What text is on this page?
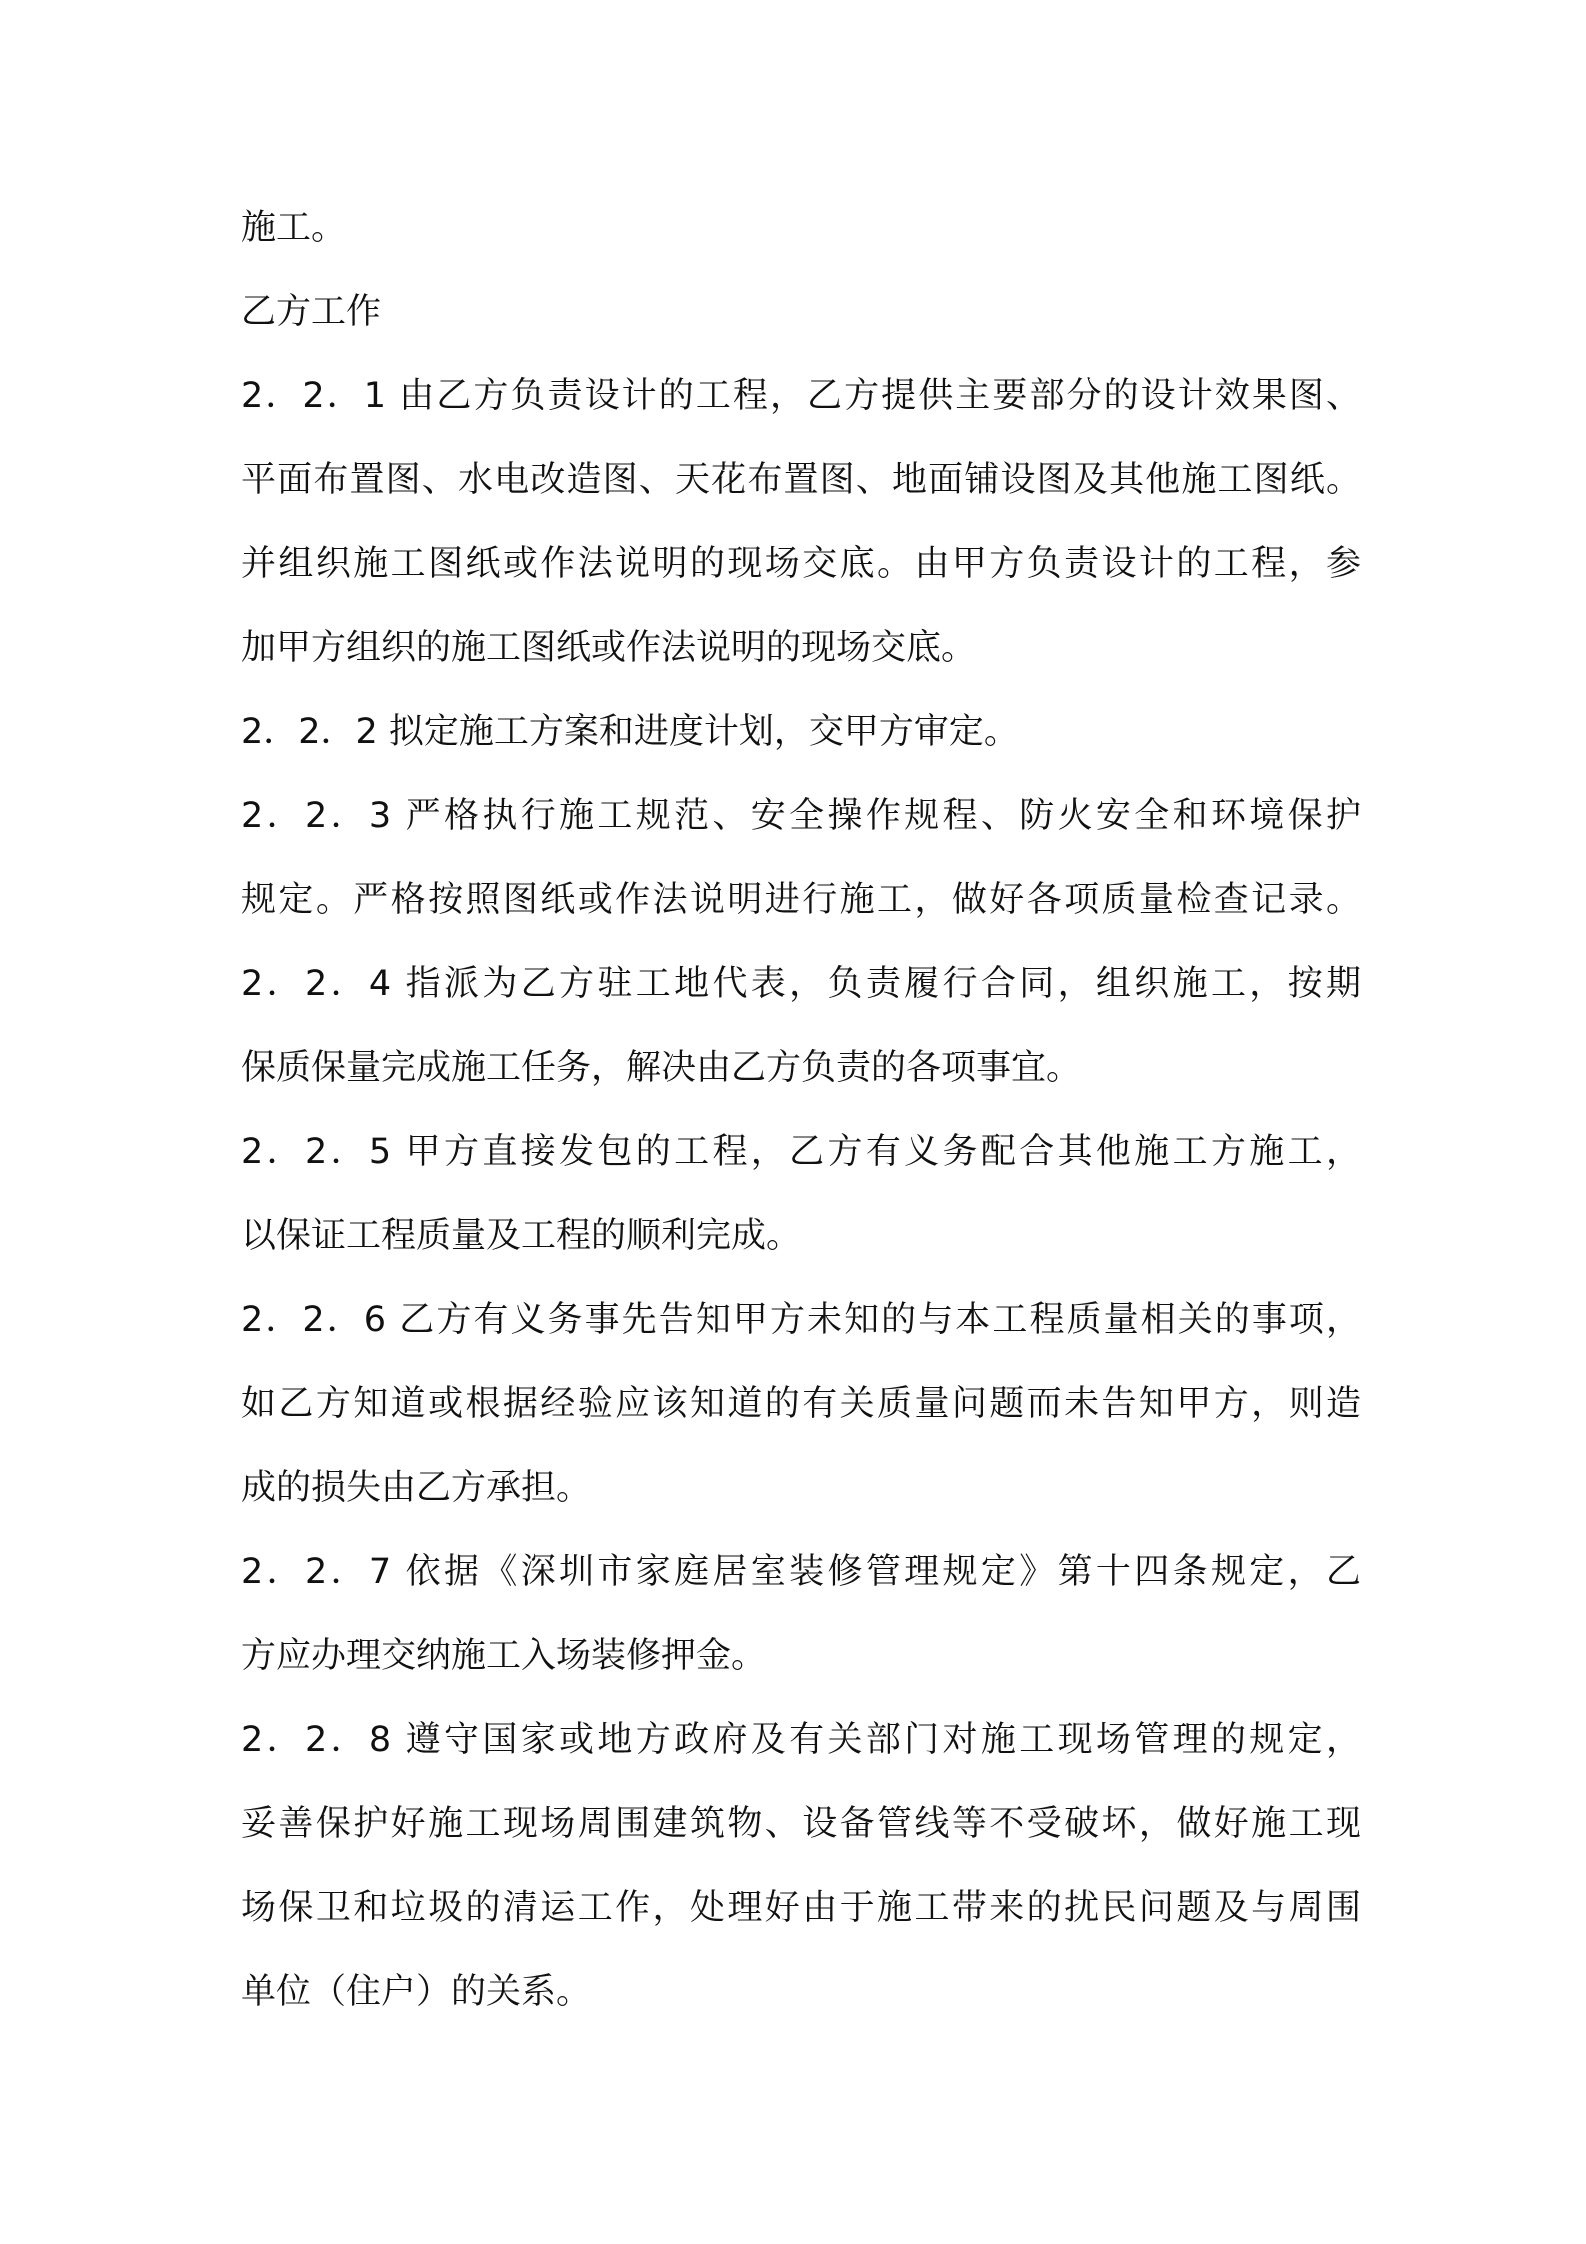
施工。
乙方工作
2．2．1 由乙方负责设计的工程，乙方提供主要部分的设计效果图、
平面布置图、水电改造图、天花布置图、地面铺设图及其他施工图纸。
并组织施工图纸或作法说明的现场交底。由甲方负责设计的工程，参
加甲方组织的施工图纸或作法说明的现场交底。
2．2．2 拟定施工方案和进度计划，交甲方审定。
2．2．3 严格执行施工规范、安全操作规程、防火安全和环境保护
规定。严格按照图纸或作法说明进行施工，做好各项质量检查记录。
2．2．4 指派为乙方驻工地代表，负责履行合同，组织施工，按期
保质保量完成施工任务，解决由乙方负责的各项事宜。
2．2．5 甲方直接发包的工程，乙方有义务配合其他施工方施工，
以保证工程质量及工程的顺利完成。
2．2．6 乙方有义务事先告知甲方未知的与本工程质量相关的事项，
如乙方知道或根据经验应该知道的有关质量问题而未告知甲方，则造
成的损失由乙方承担。
2．2．7 依据《深圳市家庭居室装修管理规定》第十四条规定，乙
方应办理交纳施工入场装修押金。
2．2．8 遵守国家或地方政府及有关部门对施工现场管理的规定，
妥善保护好施工现场周围建筑物、设备管线等不受破坏，做好施工现
场保卫和垃圾的清运工作，处理好由于施工带来的扰民问题及与周围
单位（住户）的关系。
